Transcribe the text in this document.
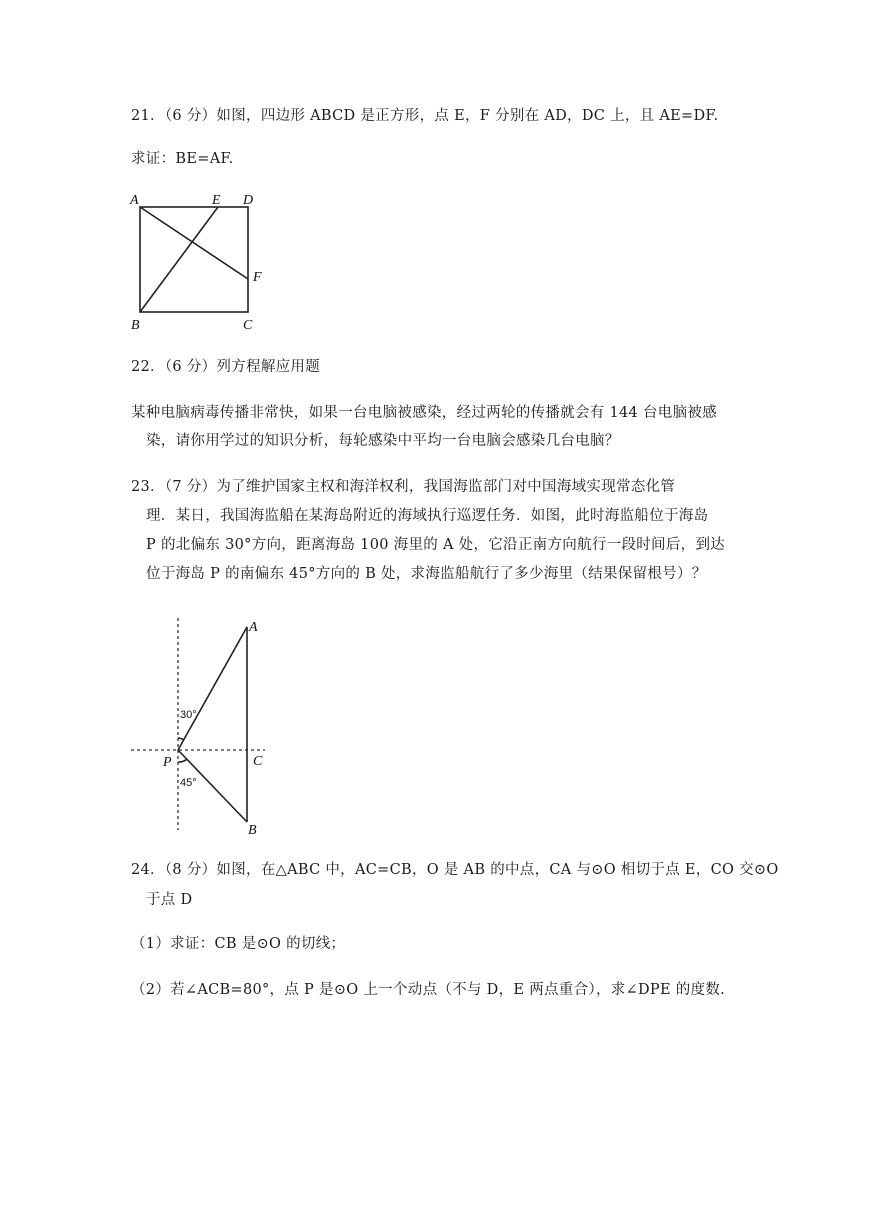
21．（6 分）如图，四边形 ABCD 是正方形，点 E，F 分别在 AD，DC 上，且 AE=DF.
求证：BE=AF.
A	E D
F
B	C
22．（6 分）列方程解应用题
某种电脑病毒传播非常快，如果一台电脑被感染，经过两轮的传播就会有 144 台电脑被感
染，请你用学过的知识分析，每轮感染中平均一台电脑会感染几台电脑？
23．（7 分）为了维护国家主权和海洋权利，我国海监部门对中国海域实现常态化管
理．某日，我国海监船在某海岛附近的海域执行巡逻任务．如图，此时海监船位于海岛
P 的北偏东 30°方向，距离海岛 100 海里的 A 处，它沿正南方向航行一段时间后，到达
位于海岛 P 的南偏东 45°方向的 B 处，求海监船航行了多少海里（结果保留根号）？
A
P	C
B
30°
45°
24．（8 分）如图，在△ABC 中，AC=CB，O 是 AB 的中点，CA 与⊙O 相切于点 E，CO 交⊙O
于点 D
（1）求证：CB 是⊙O 的切线；
（2）若∠ACB=80°，点 P 是⊙O 上一个动点（不与 D，E 两点重合），求∠DPE 的度数.
